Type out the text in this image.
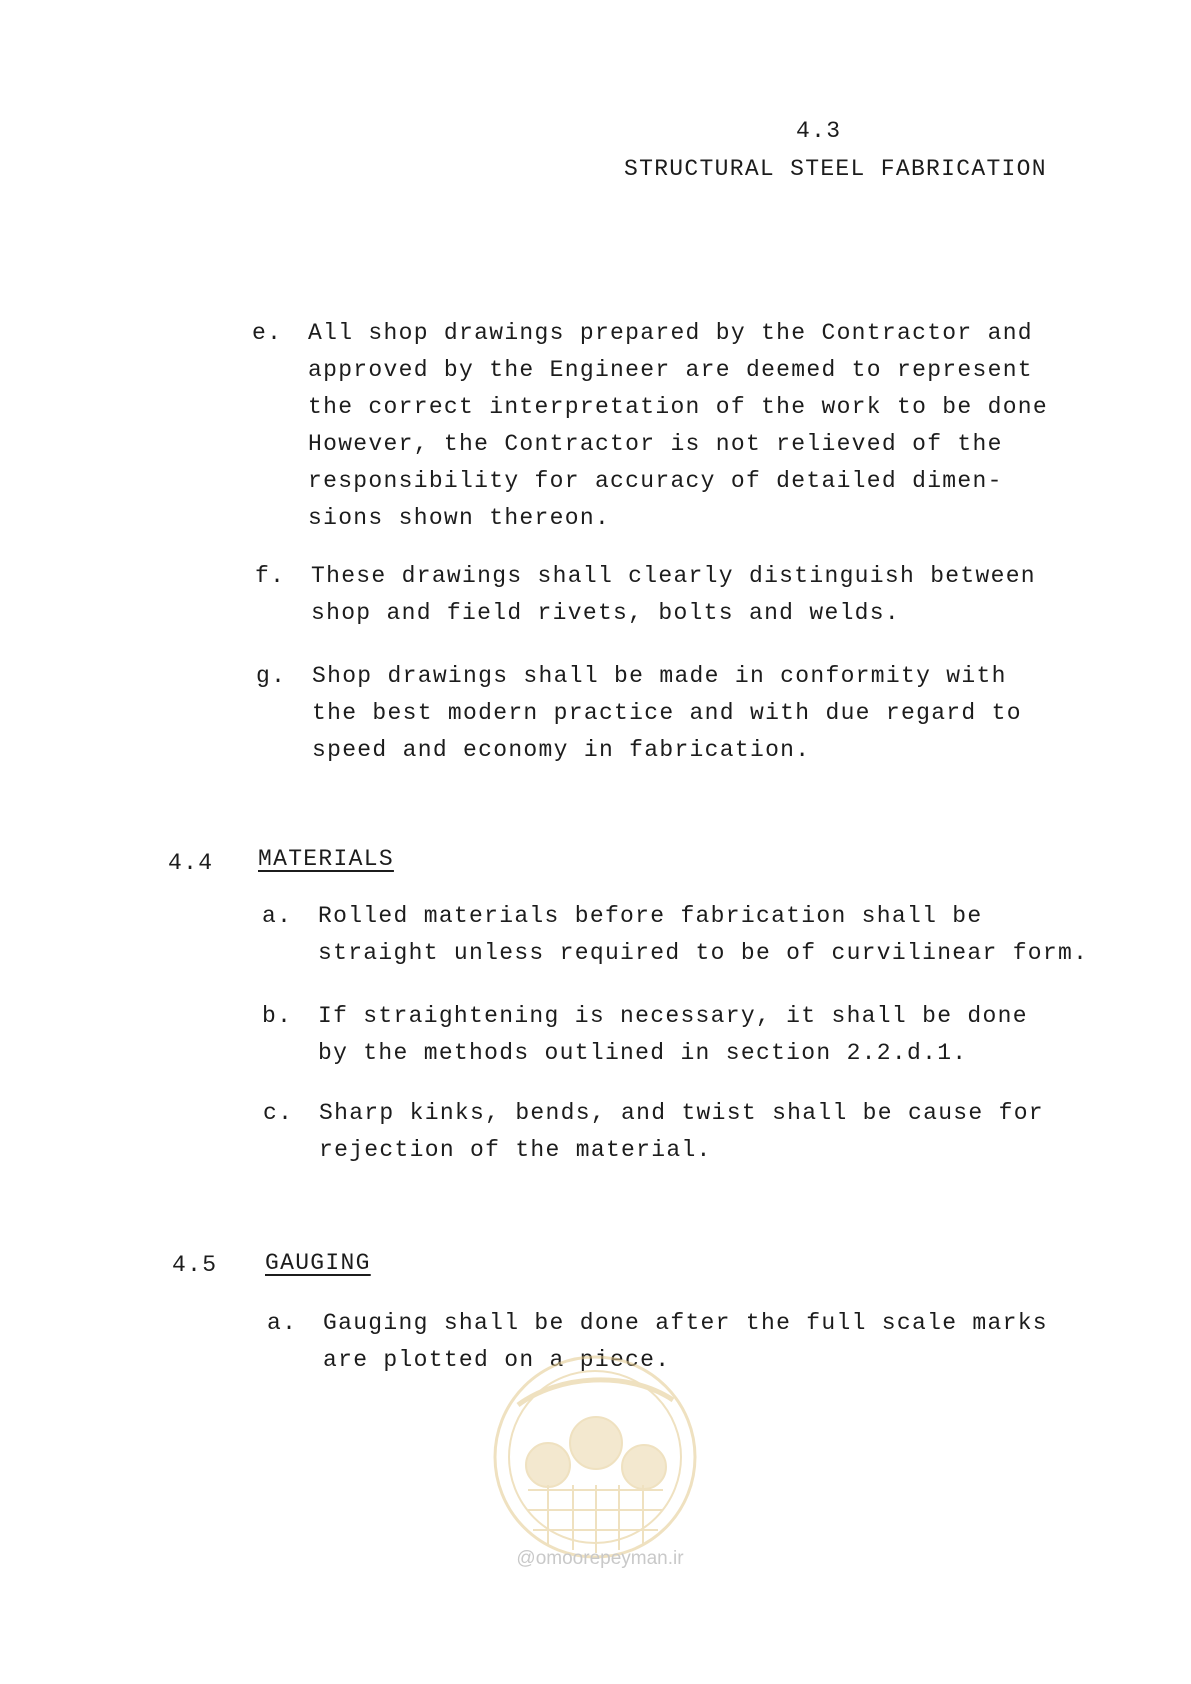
4.3
STRUCTURAL STEEL FABRICATION
e. All shop drawings prepared by the Contractor and
approved by the Engineer are deemed to represent
the correct interpretation of the work to be done
However, the Contractor is not relieved of the
responsibility for accuracy of detailed dimen-
sions shown thereon.
f. These drawings shall clearly distinguish between
shop and field rivets, bolts and welds.
g. Shop drawings shall be made in conformity with
the best modern practice and with due regard to
speed and economy in fabrication.
4.4 MATERIALS
a. Rolled materials before fabrication shall be
straight unless required to be of curvilinear form.
b. If straightening is necessary, it shall be done
by the methods outlined in section 2.2.d.1.
c. Sharp kinks, bends, and twist shall be cause for
rejection of the material.
4.5 GAUGING
a. Gauging shall be done after the full scale marks
are plotted on a piece.
@omoorepeyman.ir
